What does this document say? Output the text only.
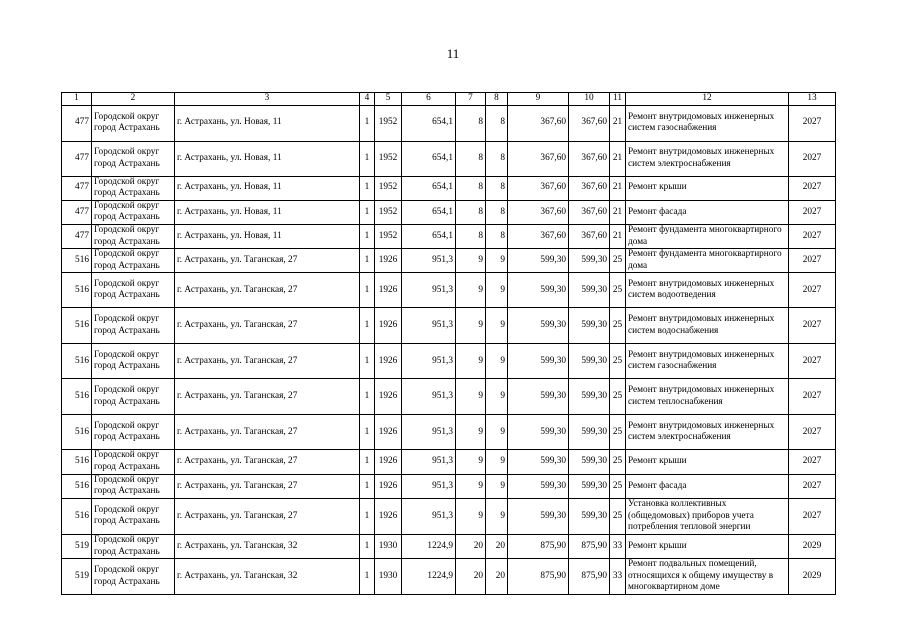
11
1	2	3	4	5	6	7	8	9	10	11	12	13
477	Городской округ город Астрахань	г. Астрахань, ул. Новая, 11	1	1952	654,1	8	8	367,60	367,60	21	Ремонт внутридомовых инженерных систем газоснабжения	2027
477	Городской округ город Астрахань	г. Астрахань, ул. Новая, 11	1	1952	654,1	8	8	367,60	367,60	21	Ремонт внутридомовых инженерных систем электроснабжения	2027
477	Городской округ город Астрахань	г. Астрахань, ул. Новая, 11	1	1952	654,1	8	8	367,60	367,60	21	Ремонт крыши	2027
477	Городской округ город Астрахань	г. Астрахань, ул. Новая, 11	1	1952	654,1	8	8	367,60	367,60	21	Ремонт фасада	2027
477	Городской округ город Астрахань	г. Астрахань, ул. Новая, 11	1	1952	654,1	8	8	367,60	367,60	21	Ремонт фундамента многоквартирного дома	2027
516	Городской округ город Астрахань	г. Астрахань, ул. Таганская, 27	1	1926	951,3	9	9	599,30	599,30	25	Ремонт фундамента многоквартирного дома	2027
516	Городской округ город Астрахань	г. Астрахань, ул. Таганская, 27	1	1926	951,3	9	9	599,30	599,30	25	Ремонт внутридомовых инженерных систем водоотведения	2027
516	Городской округ город Астрахань	г. Астрахань, ул. Таганская, 27	1	1926	951,3	9	9	599,30	599,30	25	Ремонт внутридомовых инженерных систем водоснабжения	2027
516	Городской округ город Астрахань	г. Астрахань, ул. Таганская, 27	1	1926	951,3	9	9	599,30	599,30	25	Ремонт внутридомовых инженерных систем газоснабжения	2027
516	Городской округ город Астрахань	г. Астрахань, ул. Таганская, 27	1	1926	951,3	9	9	599,30	599,30	25	Ремонт внутридомовых инженерных систем теплоснабжения	2027
516	Городской округ город Астрахань	г. Астрахань, ул. Таганская, 27	1	1926	951,3	9	9	599,30	599,30	25	Ремонт внутридомовых инженерных систем электроснабжения	2027
516	Городской округ город Астрахань	г. Астрахань, ул. Таганская, 27	1	1926	951,3	9	9	599,30	599,30	25	Ремонт крыши	2027
516	Городской округ город Астрахань	г. Астрахань, ул. Таганская, 27	1	1926	951,3	9	9	599,30	599,30	25	Ремонт фасада	2027
516	Городской округ город Астрахань	г. Астрахань, ул. Таганская, 27	1	1926	951,3	9	9	599,30	599,30	25	Установка коллективных (общедомовых) приборов учета потребления тепловой энергии	2027
519	Городской округ город Астрахань	г. Астрахань, ул. Таганская, 32	1	1930	1224,9	20	20	875,90	875,90	33	Ремонт крыши	2029
519	Городской округ город Астрахань	г. Астрахань, ул. Таганская, 32	1	1930	1224,9	20	20	875,90	875,90	33	Ремонт подвальных помещений, относящихся к общему имуществу в многоквартирном доме	2029
